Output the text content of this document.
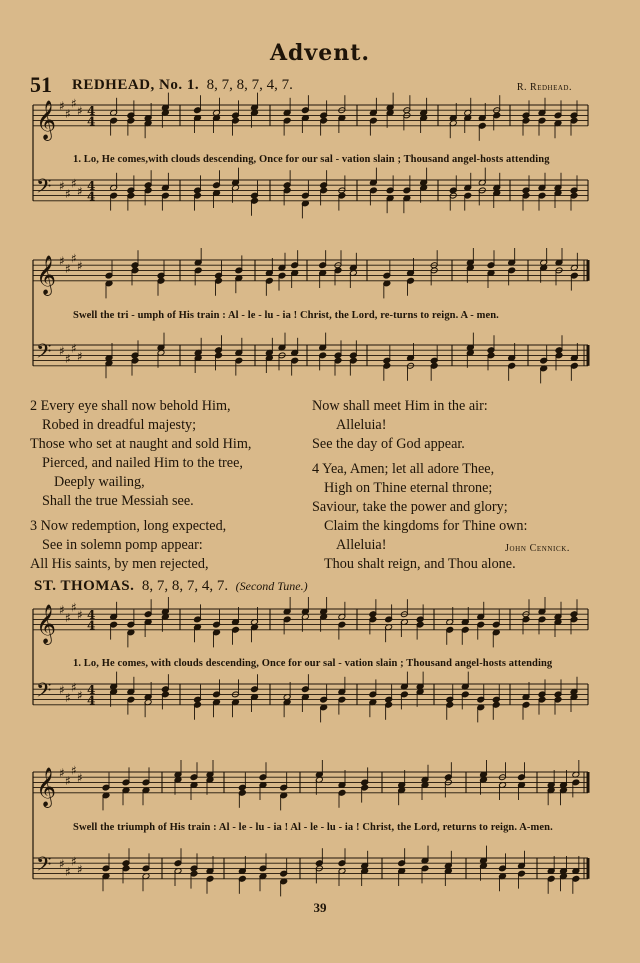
Advent.
51 REDHEAD, No. 1. 8, 7, 8, 7, 4, 7.	R. Redhead.
𝄞 ♯
♯
♯
♯ 4
4
𝄢 ♯
♯
♯
♯ 4
4
1. Lo, He comes,with clouds descending, Once for our sal - vation slain ; Thousand angel-hosts attending
𝄞 ♯
♯
♯
♯
𝄢 ♯
♯
♯
♯
Swell the tri - umph of His train : Al - le - lu - ia ! Christ, the Lord, re-turns to reign. A - men.
2 Every eye shall now behold Him,
Robed in dreadful majesty;
Those who set at naught and sold Him,
Pierced, and nailed Him to the tree,
Deeply wailing,
Shall the true Messiah see.

3 Now redemption, long expected,
See in solemn pomp appear:
All His saints, by men rejected,
Now shall meet Him in the air:
Alleluia!
See the day of God appear.

4 Yea, Amen; let all adore Thee,
High on Thine eternal throne;
Saviour, take the power and glory;
Claim the kingdoms for Thine own:
Alleluia!
Thou shalt reign, and Thou alone.
John Cennick.
ST. THOMAS. 8, 7, 8, 7, 4, 7. (Second Tune.)
𝄞 ♯
♯
♯
♯ 4
4
𝄢 ♯
♯
♯
♯ 4
4
1. Lo, He comes, with clouds descending, Once for our sal - vation slain ; Thousand angel-hosts attending
𝄞 ♯
♯
♯
♯
𝄢 ♯
♯
♯
♯
Swell the triumph of His train : Al - le - lu - ia ! Al - le - lu - ia ! Christ, the Lord, returns to reign. A-men.
39
